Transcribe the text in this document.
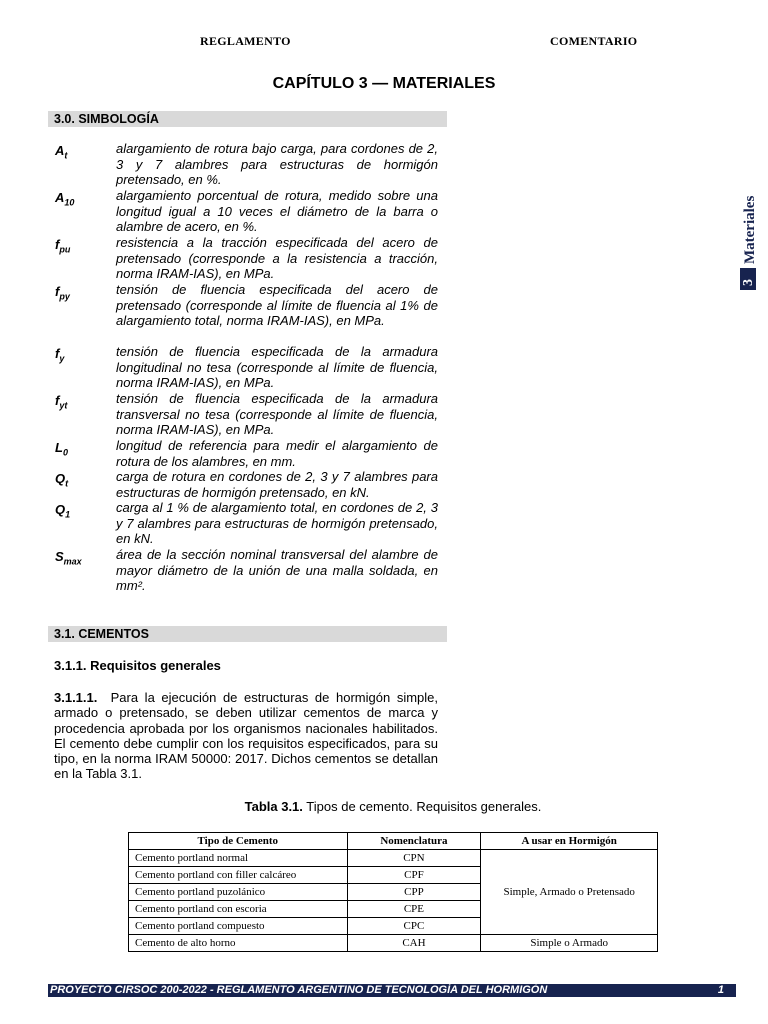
REGLAMENTO	COMENTARIO
CAPÍTULO 3 — MATERIALES
3
Materiales
3.0. SIMBOLOGÍA
$A_t$	alargamiento de rotura bajo carga, para cordones de 2, 3 y 7 alambres para estructuras de hormigón pretensado, en %.
$A_{10}$	alargamiento porcentual de rotura, medido sobre una longitud igual a 10 veces el diámetro de la barra o alambre de acero, en %.
$f_{pu}$	resistencia a la tracción especificada del acero de pretensado (corresponde a la resistencia a tracción, norma IRAM-IAS), en MPa.
$f_{py}$	tensión de fluencia especificada del acero de pretensado (corresponde al límite de fluencia al 1% de alargamiento total, norma IRAM-IAS), en MPa.
$f_y$	tensión de fluencia especificada de la armadura longitudinal no tesa (corresponde al límite de fluencia, norma IRAM-IAS), en MPa.
$f_{yt}$	tensión de fluencia especificada de la armadura transversal no tesa (corresponde al límite de fluencia, norma IRAM-IAS), en MPa.
$L_0$	longitud de referencia para medir el alargamiento de rotura de los alambres, en mm.
$Q_t$	carga de rotura en cordones de 2, 3 y 7 alambres para estructuras de hormigón pretensado, en kN.
$Q_1$	carga al 1 % de alargamiento total, en cordones de 2, 3 y 7 alambres para estructuras de hormigón pretensado, en kN.
$S_{max}$	área de la sección nominal transversal del alambre de mayor diámetro de la unión de una malla soldada, en mm².
3.1. CEMENTOS
3.1.1. Requisitos generales
3.1.1.1. Para la ejecución de estructuras de hormigón simple, armado o pretensado, se deben utilizar cementos de marca y procedencia aprobada por los organismos nacionales habilitados. El cemento debe cumplir con los requisitos especificados, para su tipo, en la norma IRAM 50000: 2017. Dichos cementos se detallan en la Tabla 3.1.
Tabla 3.1. Tipos de cemento. Requisitos generales.
Tipo de Cemento	Nomenclatura	A usar en Hormigón
Cemento portland normal	CPN	Simple, Armado o Pretensado
Cemento portland con filler calcáreo	CPF	
Cemento portland puzolánico	CPP	
Cemento portland con escoria	CPE	
Cemento portland compuesto	CPC	
Cemento de alto horno	CAH	Simple o Armado
PROYECTO CIRSOC 200-2022 - REGLAMENTO ARGENTINO DE TECNOLOGÍA DEL HORMIGÓN	1
